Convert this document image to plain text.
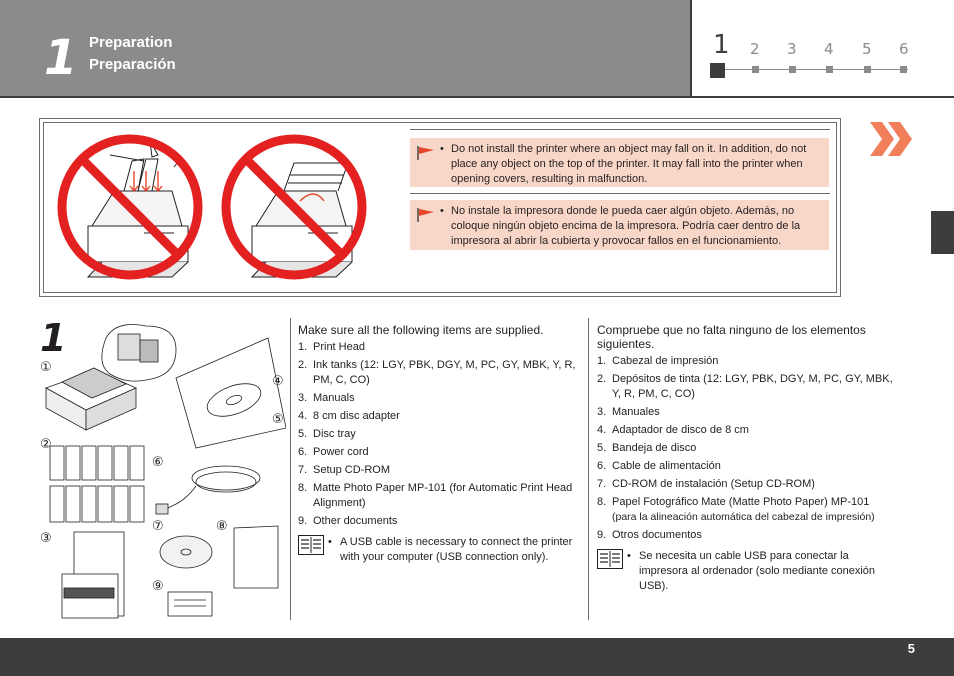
1 Preparation
Preparación
1 2 3 4 5 6
• Do not install the printer where an object may fall on it. In addition, do not place any object on the top of the printer. It may fall into the printer when opening covers, resulting in malfunction.
• No instale la impresora donde le pueda caer algún objeto. Además, no coloque ningún objeto encima de la impresora. Podría caer dentro de la impresora al abrir la cubierta y provocar fallos en el funcionamiento.
1
①
②
③
④
⑤
⑥
⑦	⑧
⑨
Make sure all the following items are supplied.
1. Print Head
2. Ink tanks (12: LGY, PBK, DGY, M, PC, GY, MBK, Y, R, PM, C, CO)
3. Manuals
4. 8 cm disc adapter
5. Disc tray
6. Power cord
7. Setup CD-ROM
8. Matte Photo Paper MP-101 (for Automatic Print Head Alignment)
9. Other documents
• A USB cable is necessary to connect the printer with your computer (USB connection only).
Compruebe que no falta ninguno de los elementos siguientes.
1. Cabezal de impresión
2. Depósitos de tinta (12: LGY, PBK, DGY, M, PC, GY, MBK, Y, R, PM, C, CO)
3. Manuales
4. Adaptador de disco de 8 cm
5. Bandeja de disco
6. Cable de alimentación
7. CD-ROM de instalación (Setup CD-ROM)
8. Papel Fotográfico Mate (Matte Photo Paper) MP-101
(para la alineación automática del cabezal de impresión)
9. Otros documentos
• Se necesita un cable USB para conectar la impresora al ordenador (solo mediante conexión USB).
5
